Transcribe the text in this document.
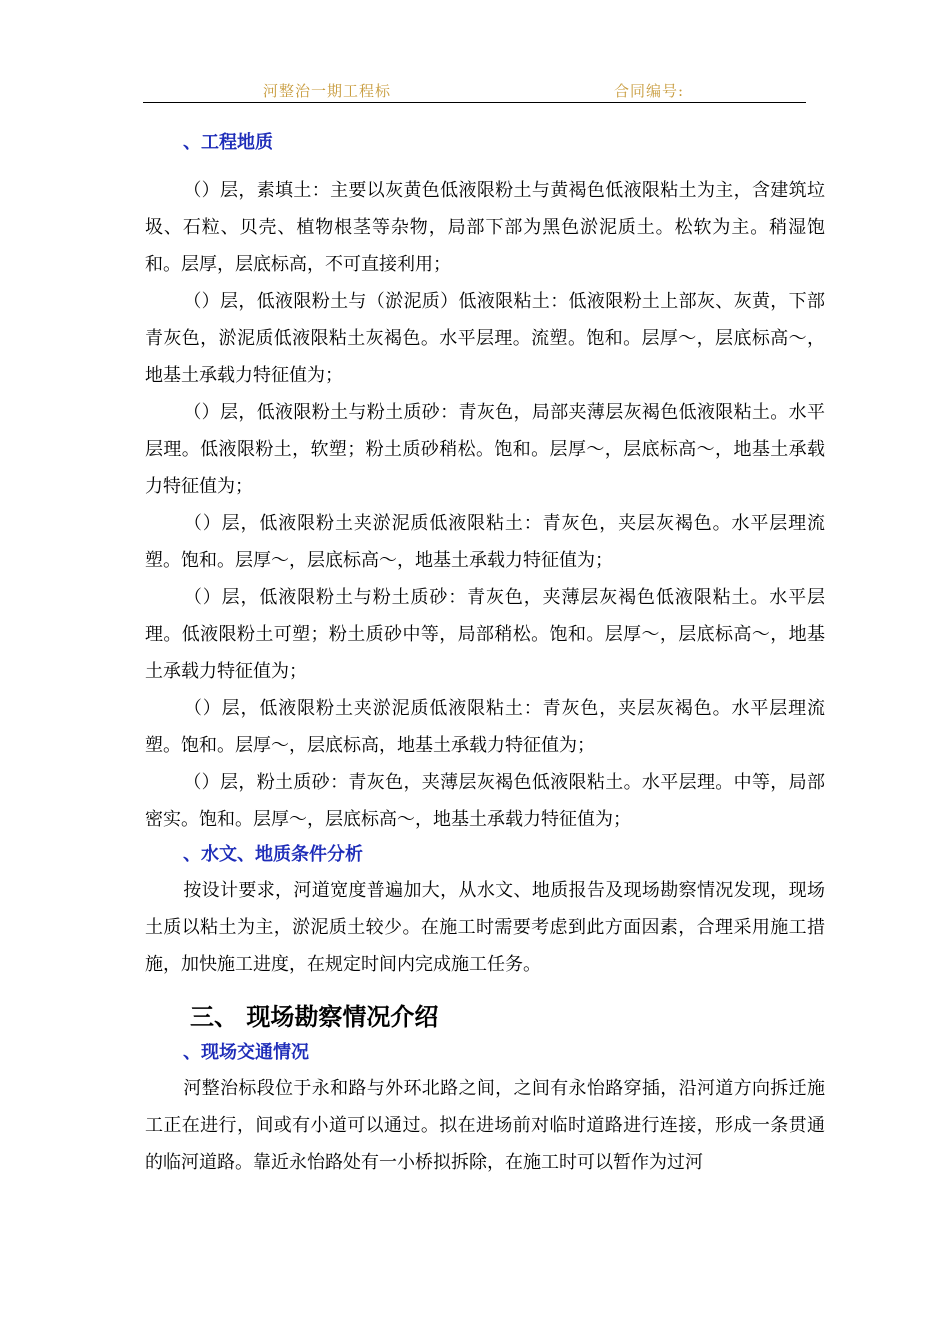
河整治一期工程标	合同编号:
、工程地质

（）层，素填土：主要以灰黄色低液限粉土与黄褐色低液限粘土为主，含建筑垃圾、石粒、贝壳、植物根茎等杂物，局部下部为黑色淤泥质土。松软为主。稍湿饱和。层厚，层底标高，不可直接利用；

（）层，低液限粉土与（淤泥质）低液限粘土：低液限粉土上部灰、灰黄，下部青灰色，淤泥质低液限粘土灰褐色。水平层理。流塑。饱和。层厚～，层底标高～，地基土承载力特征值为；

（）层，低液限粉土与粉土质砂：青灰色，局部夹薄层灰褐色低液限粘土。水平层理。低液限粉土，软塑；粉土质砂稍松。饱和。层厚～，层底标高～，地基土承载力特征值为；

（）层，低液限粉土夹淤泥质低液限粘土：青灰色，夹层灰褐色。水平层理流塑。饱和。层厚～，层底标高～，地基土承载力特征值为；

（）层，低液限粉土与粉土质砂：青灰色，夹薄层灰褐色低液限粘土。水平层理。低液限粉土可塑；粉土质砂中等，局部稍松。饱和。层厚～，层底标高～，地基土承载力特征值为；

（）层，低液限粉土夹淤泥质低液限粘土：青灰色，夹层灰褐色。水平层理流塑。饱和。层厚～，层底标高，地基土承载力特征值为；

（）层，粉土质砂：青灰色，夹薄层灰褐色低液限粘土。水平层理。中等，局部密实。饱和。层厚～，层底标高～，地基土承载力特征值为；

、水文、地质条件分析

按设计要求，河道宽度普遍加大，从水文、地质报告及现场勘察情况发现，现场土质以粘土为主，淤泥质土较少。在施工时需要考虑到此方面因素，合理采用施工措施，加快施工进度，在规定时间内完成施工任务。

三、 现场勘察情况介绍
、现场交通情况

河整治标段位于永和路与外环北路之间，之间有永怡路穿插，沿河道方向拆迁施工正在进行，间或有小道可以通过。拟在进场前对临时道路进行连接，形成一条贯通的临河道路。靠近永怡路处有一小桥拟拆除，在施工时可以暂作为过河
